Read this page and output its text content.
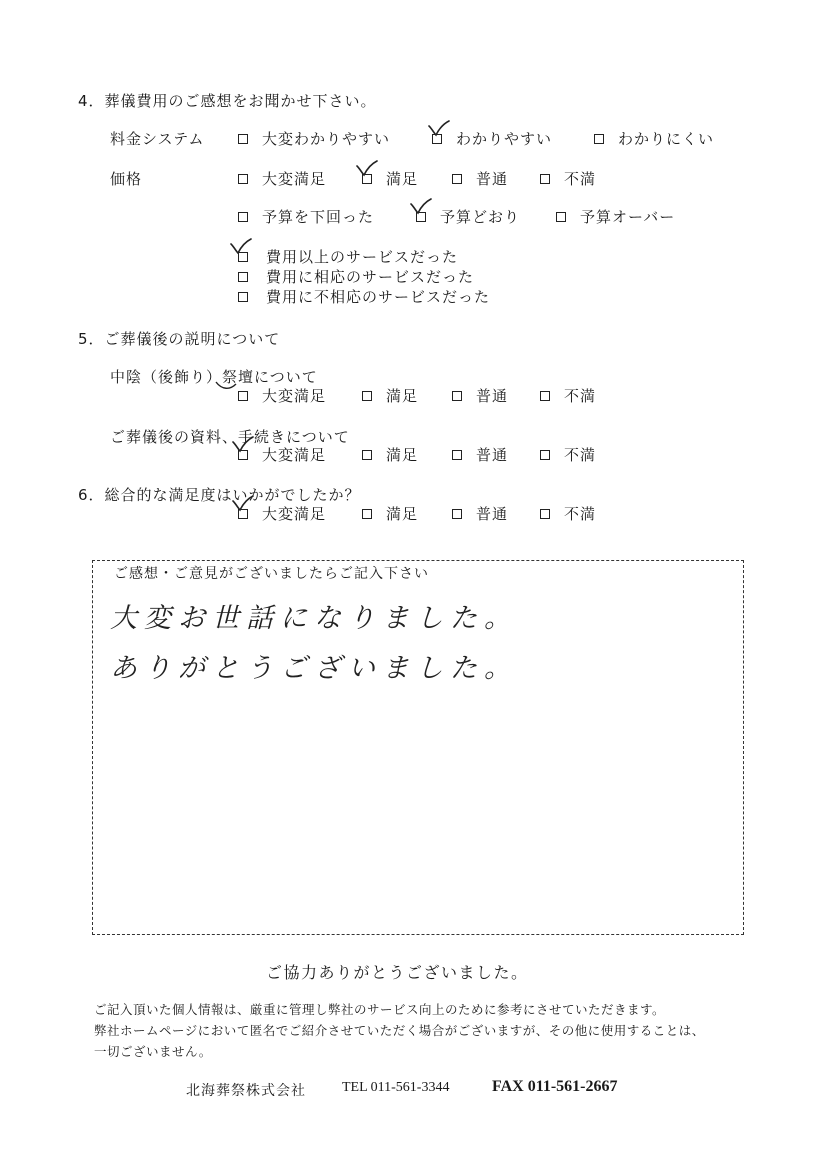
4．葬儀費用のご感想をお聞かせ下さい。
料金システム	大変わかりやすい	わかりやすい	わかりにくい
価格	大変満足	満足	普通	不満
予算を下回った	予算どおり	予算オーバー
費用以上のサービスだった
費用に相応のサービスだった
費用に不相応のサービスだった
5．ご葬儀後の説明について
中陰（後飾り）祭壇について
大変満足	満足	普通	不満
ご葬儀後の資料、手続きについて
大変満足	満足	普通	不満
6．総合的な満足度はいかがでしたか？
大変満足	満足	普通	不満
ご感想・ご意見がございましたらご記入下さい
大変お世話になりました。
ありがとうございました。
ご協力ありがとうございました。
ご記入頂いた個人情報は、厳重に管理し弊社のサービス向上のために参考にさせていただきます。
弊社ホームページにおいて匿名でご紹介させていただく場合がございますが、その他に使用することは、
一切ございません。
北海葬祭株式会社	TEL 011-561-3344	FAX 011-561-2667
